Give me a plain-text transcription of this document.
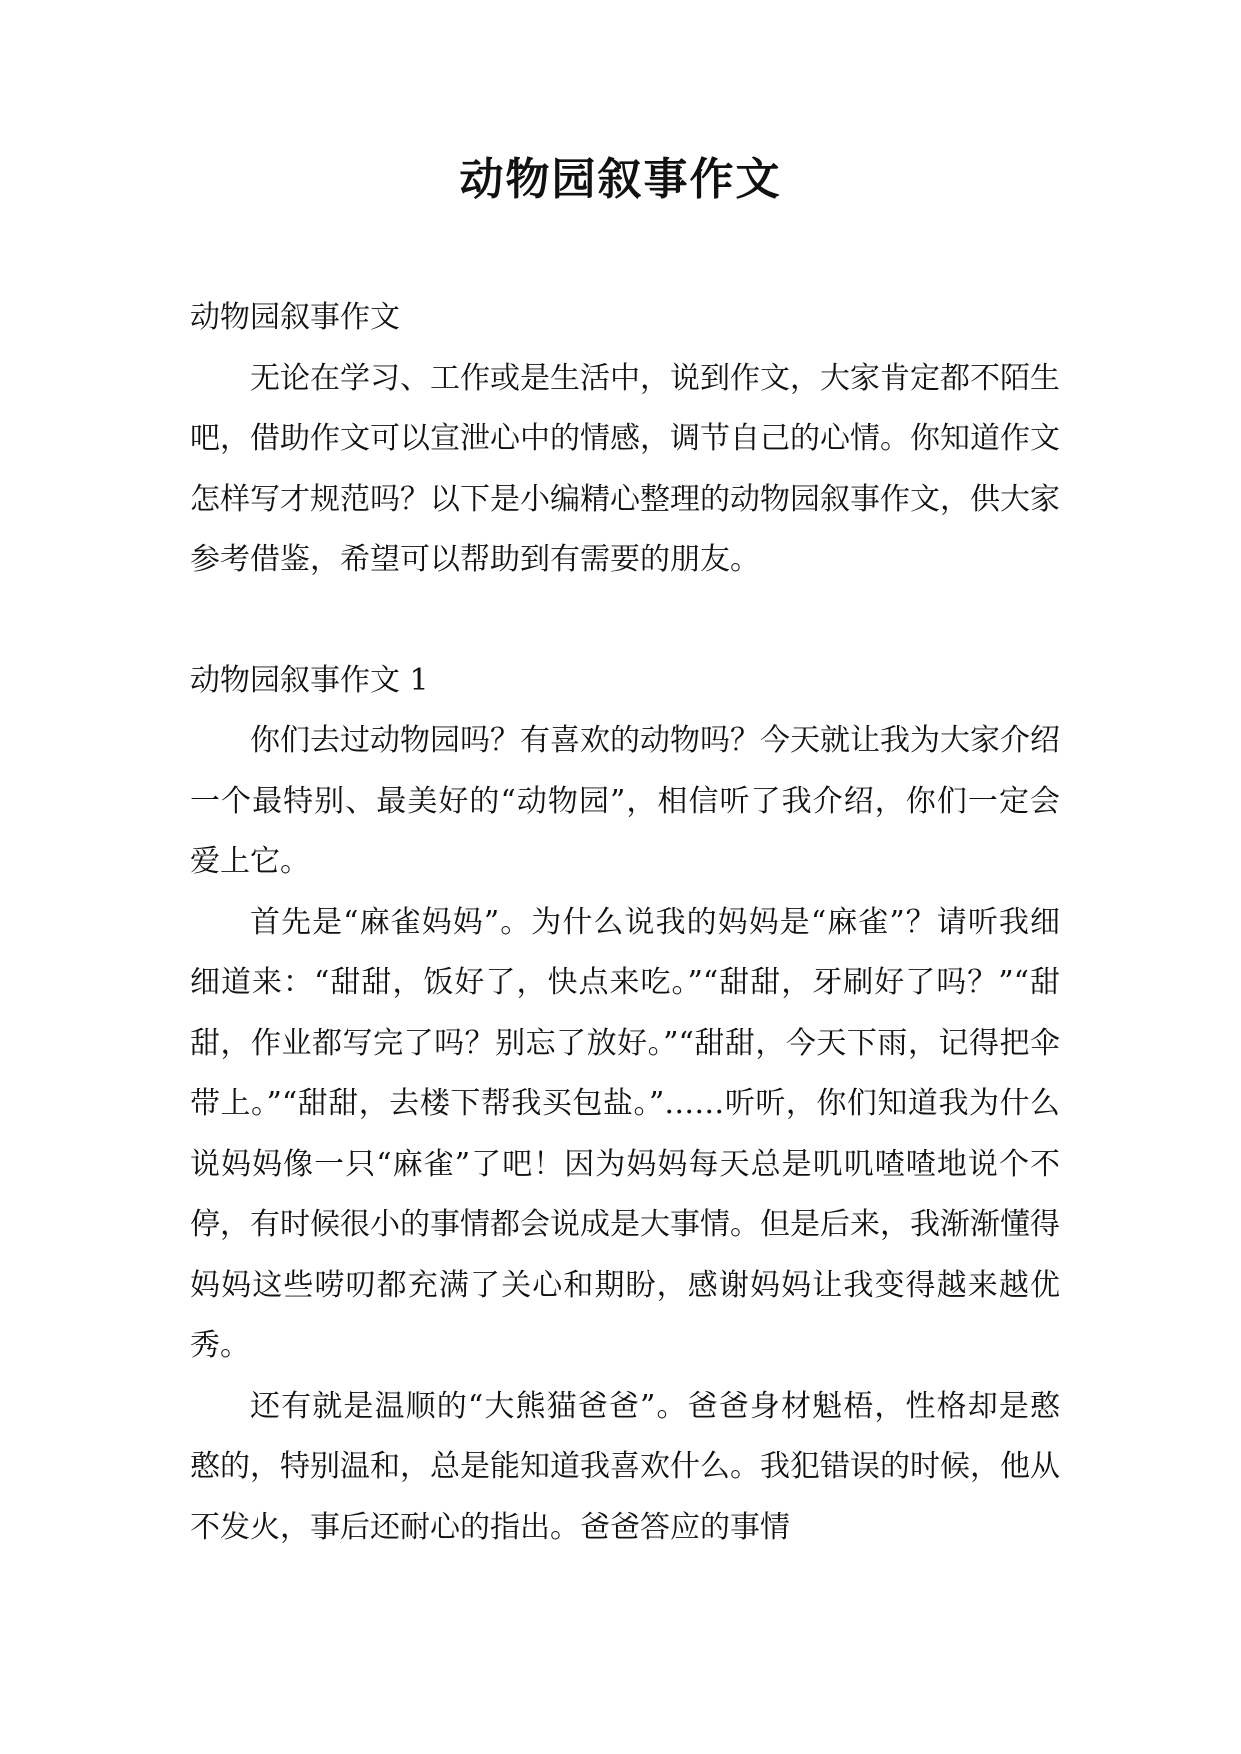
动物园叙事作文

动物园叙事作文

无论在学习、工作或是生活中，说到作文，大家肯定都不陌生吧，借助作文可以宣泄心中的情感，调节自己的心情。你知道作文怎样写才规范吗？以下是小编精心整理的动物园叙事作文，供大家参考借鉴，希望可以帮助到有需要的朋友。

动物园叙事作文 1

你们去过动物园吗？有喜欢的动物吗？今天就让我为大家介绍一个最特别、最美好的“动物园”，相信听了我介绍，你们一定会爱上它。

首先是“麻雀妈妈”。为什么说我的妈妈是“麻雀”？请听我细细道来：“甜甜，饭好了，快点来吃。”“甜甜，牙刷好了吗？”“甜甜，作业都写完了吗？别忘了放好。”“甜甜，今天下雨，记得把伞带上。”“甜甜，去楼下帮我买包盐。”……听听，你们知道我为什么说妈妈像一只“麻雀”了吧！因为妈妈每天总是叽叽喳喳地说个不停，有时候很小的事情都会说成是大事情。但是后来，我渐渐懂得妈妈这些唠叨都充满了关心和期盼，感谢妈妈让我变得越来越优秀。

还有就是温顺的“大熊猫爸爸”。爸爸身材魁梧，性格却是憨憨的，特别温和，总是能知道我喜欢什么。我犯错误的时候，他从不发火，事后还耐心的指出。爸爸答应的事情
